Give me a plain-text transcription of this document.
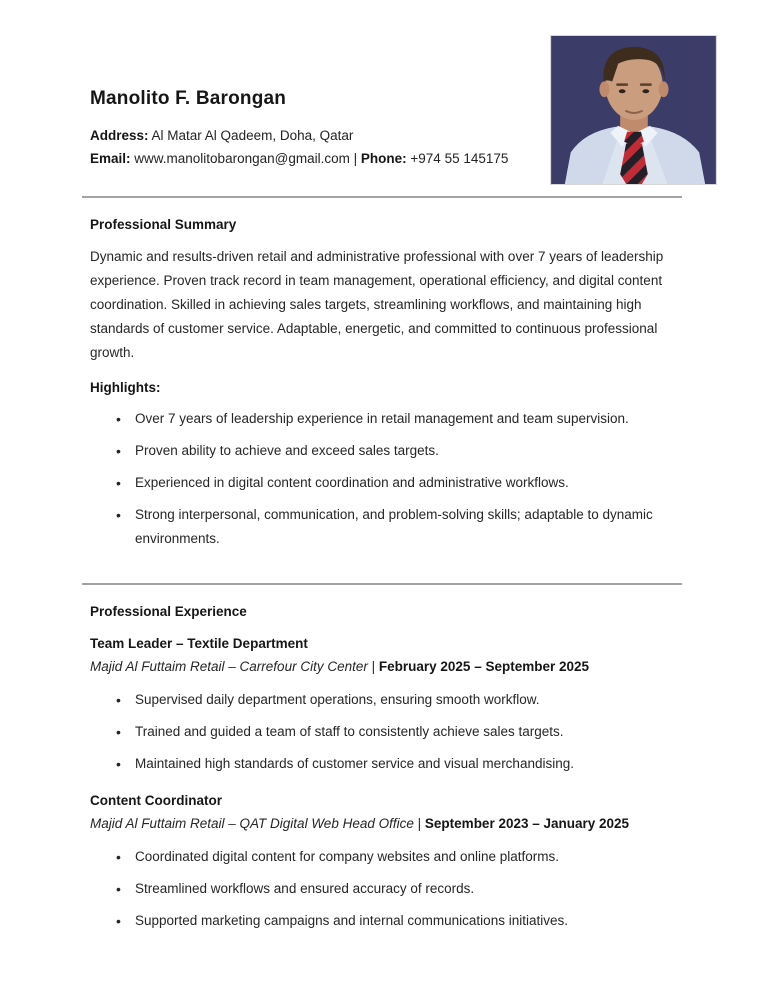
Manolito F. Barongan
Address: Al Matar Al Qadeem, Doha, Qatar
Email: www.manolitobarongan@gmail.com | Phone: +974 55 145175
Professional Summary

Dynamic and results-driven retail and administrative professional with over 7 years of leadership experience. Proven track record in team management, operational efficiency, and digital content coordination. Skilled in achieving sales targets, streamlining workflows, and maintaining high standards of customer service. Adaptable, energetic, and committed to continuous professional growth.

Highlights:
• Over 7 years of leadership experience in retail management and team supervision.
• Proven ability to achieve and exceed sales targets.
• Experienced in digital content coordination and administrative workflows.
• Strong interpersonal, communication, and problem-solving skills; adaptable to dynamic environments.
Professional Experience
Team Leader – Textile Department
Majid Al Futtaim Retail – Carrefour City Center | February 2025 – September 2025
• Supervised daily department operations, ensuring smooth workflow.
• Trained and guided a team of staff to consistently achieve sales targets.
• Maintained high standards of customer service and visual merchandising.
Content Coordinator
Majid Al Futtaim Retail – QAT Digital Web Head Office | September 2023 – January 2025
• Coordinated digital content for company websites and online platforms.
• Streamlined workflows and ensured accuracy of records.
• Supported marketing campaigns and internal communications initiatives.
